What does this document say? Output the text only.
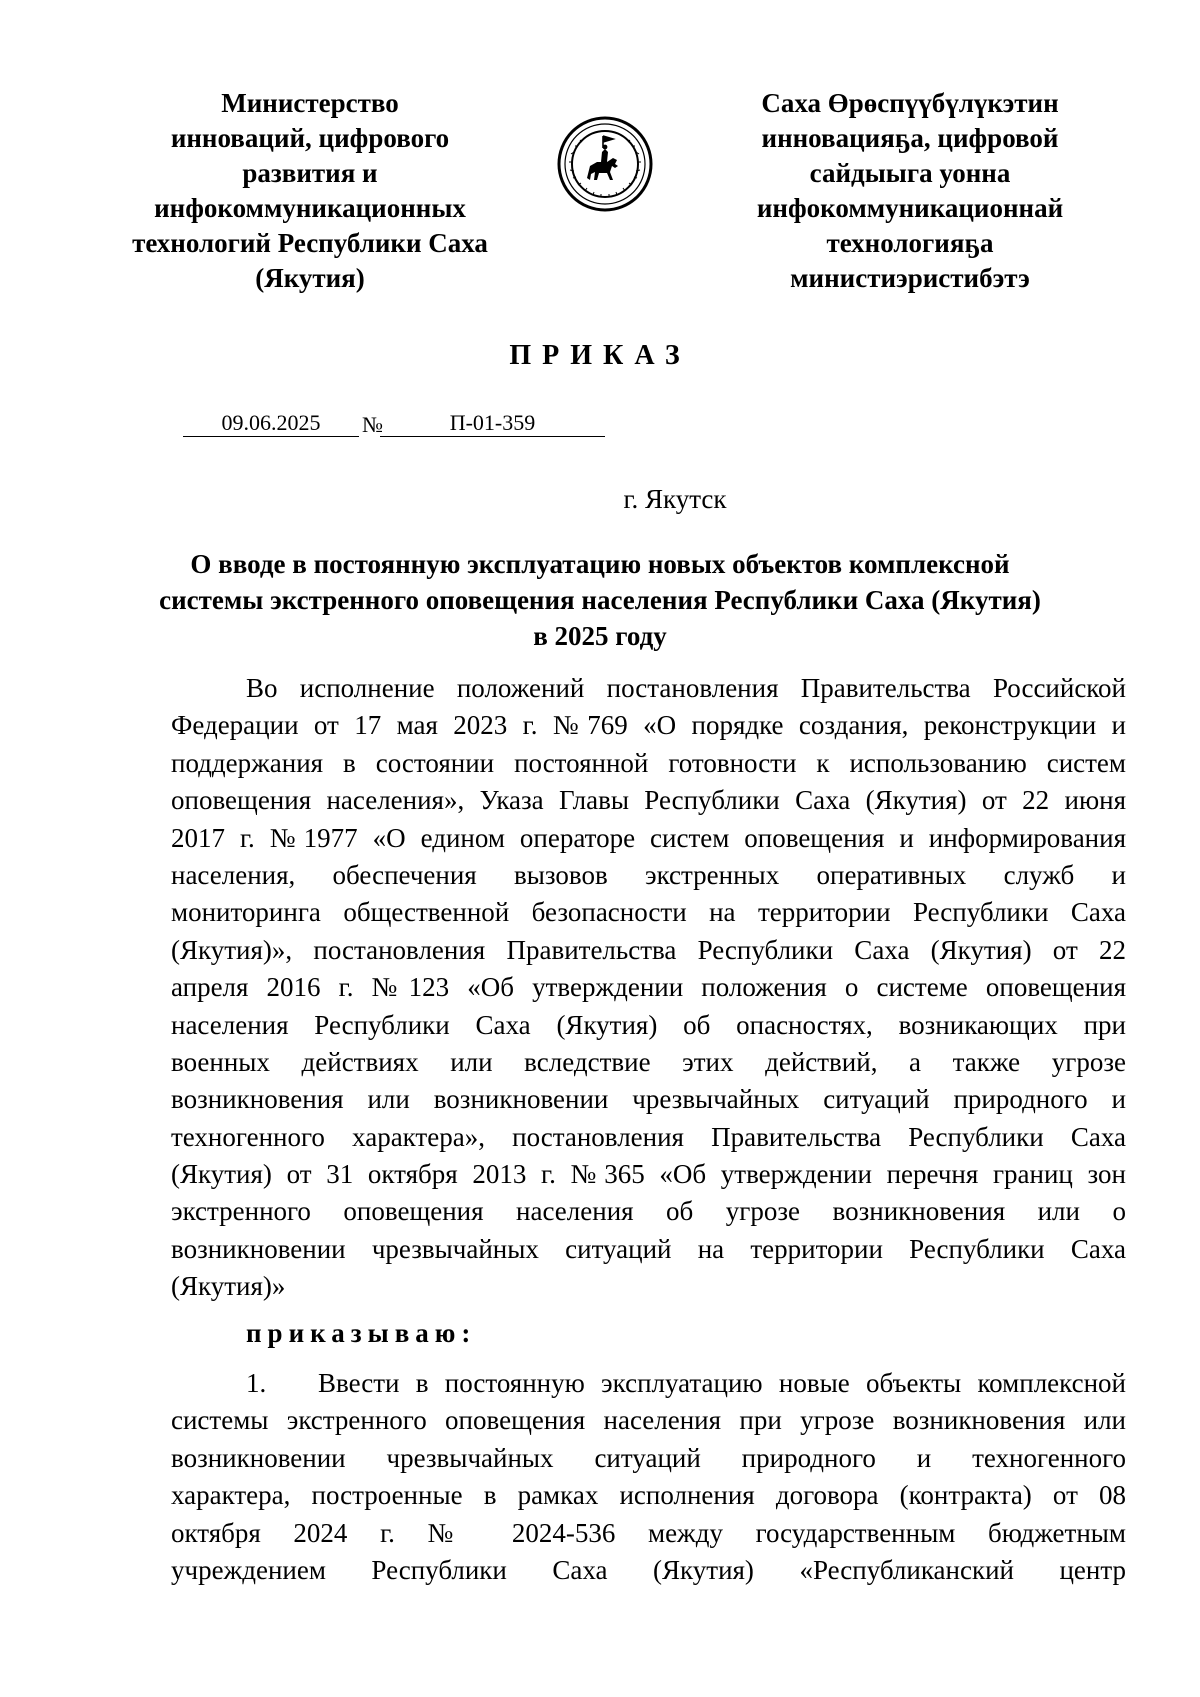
Министерство
инноваций, цифрового
развития и
инфокоммуникационных
технологий Республики Саха
(Якутия)
Саха Өрөспүүбүлүкэтин
инновацияҕа, цифровой
сайдыыга уонна
инфокоммуникационнай
технологияҕа
министиэристибэтэ
ПРИКАЗ
09.06.2025	№	П-01-359
г. Якутск
О вводе в постоянную эксплуатацию новых объектов комплексной
системы экстренного оповещения населения Республики Саха (Якутия)
в 2025 году
Во исполнение положений постановления Правительства Российской
Федерации от 17 мая 2023 г. №769 «О порядке создания, реконструкции и
поддержания в состоянии постоянной готовности к использованию систем
оповещения населения», Указа Главы Республики Саха (Якутия) от 22 июня
2017 г. №1977 «О едином операторе систем оповещения и информирования
населения, обеспечения вызовов экстренных оперативных служб и
мониторинга общественной безопасности на территории Республики Саха
(Якутия)», постановления Правительства Республики Саха (Якутия) от 22
апреля 2016 г. №123 «Об утверждении положения о системе оповещения
населения Республики Саха (Якутия) об опасностях, возникающих при
военных действиях или вследствие этих действий, а также угрозе
возникновения или возникновении чрезвычайных ситуаций природного и
техногенного характера», постановления Правительства Республики Саха
(Якутия) от 31 октября 2013 г. №365 «Об утверждении перечня границ зон
экстренного оповещения населения об угрозе возникновения или о
возникновении чрезвычайных ситуаций на территории Республики Саха
(Якутия)»
приказываю:
1. Ввести в постоянную эксплуатацию новые объекты комплексной
системы экстренного оповещения населения при угрозе возникновения или
возникновении чрезвычайных ситуаций природного и техногенного
характера, построенные в рамках исполнения договора (контракта) от 08
октября 2024 г. № 2024-536 между государственным бюджетным
учреждением Республики Саха (Якутия) «Республиканский центр
